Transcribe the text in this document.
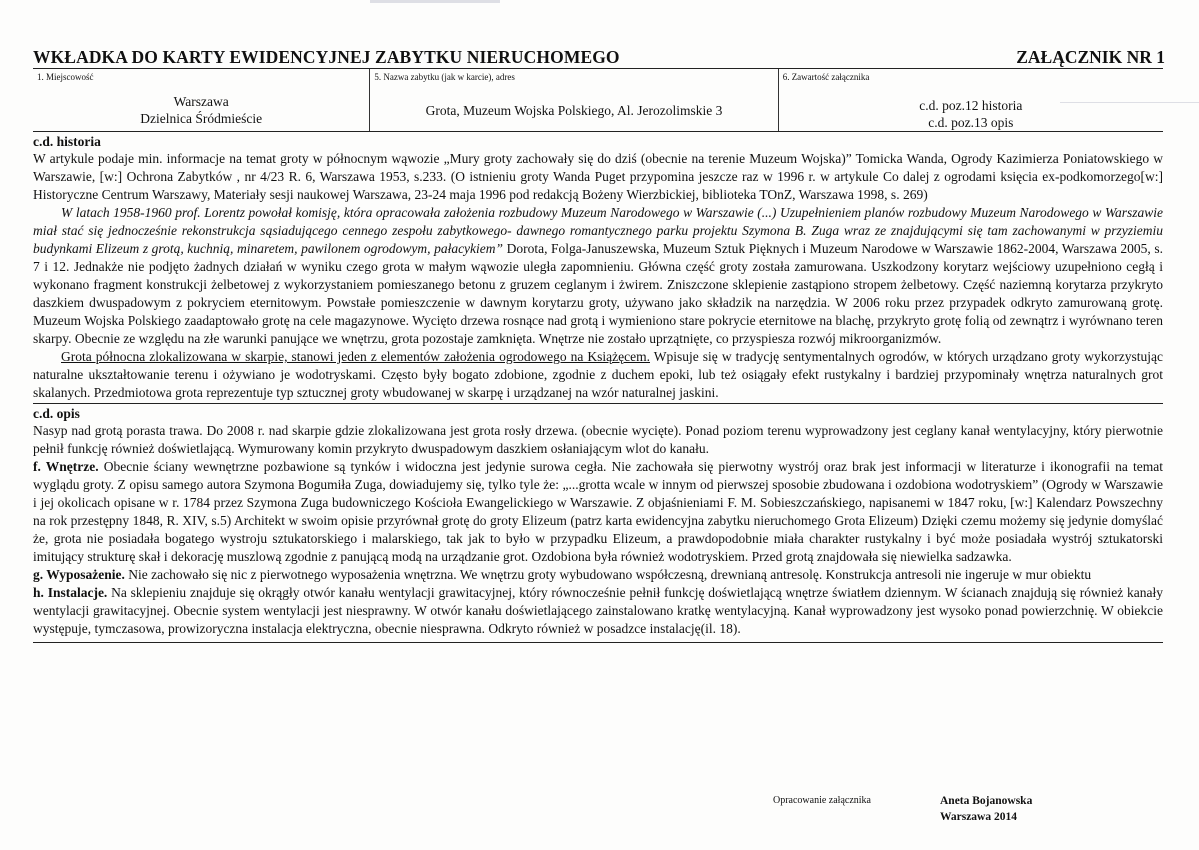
WKŁADKA DO KARTY EWIDENCYJNEJ ZABYTKU NIERUCHOMEGO	ZAŁĄCZNIK NR 1
1. Miejscowość
Warszawa
Dzielnica Śródmieście
5. Nazwa zabytku (jak w karcie), adres
Grota, Muzeum Wojska Polskiego, Al. Jerozolimskie 3
6. Zawartość załącznika
c.d. poz.12 historia
c.d. poz.13 opis
c.d. historia

W artykule podaje min. informacje na temat groty w północnym wąwozie „Mury groty zachowały się do dziś (obecnie na terenie Muzeum Wojska)” Tomicka Wanda, Ogrody Kazimierza Poniatowskiego w Warszawie, [w:] Ochrona Zabytków , nr 4/23 R. 6, Warszawa 1953, s.233. (O istnieniu groty Wanda Puget przypomina jeszcze raz w 1996 r. w artykule Co dalej z ogrodami księcia ex-podkomorzego[w:] Historyczne Centrum Warszawy, Materiały sesji naukowej Warszawa, 23-24 maja 1996 pod redakcją Bożeny Wierzbickiej, biblioteka TOnZ, Warszawa 1998, s. 269)

W latach 1958-1960 prof. Lorentz powołał komisję, która opracowała założenia rozbudowy Muzeum Narodowego w Warszawie (...) Uzupełnieniem planów rozbudowy Muzeum Narodowego w Warszawie miał stać się jednocześnie rekonstrukcja sąsiadującego cennego zespołu zabytkowego- dawnego romantycznego parku projektu Szymona B. Zuga wraz ze znajdującymi się tam zachowanymi w przyziemiu budynkami Elizeum z grotą, kuchnią, minaretem, pawilonem ogrodowym, pałacykiem” Dorota, Folga-Januszewska, Muzeum Sztuk Pięknych i Muzeum Narodowe w Warszawie 1862-2004, Warszawa 2005, s. 7 i 12. Jednakże nie podjęto żadnych działań w wyniku czego grota w małym wąwozie uległa zapomnieniu. Główna część groty została zamurowana. Uszkodzony korytarz wejściowy uzupełniono cegłą i wykonano fragment konstrukcji żelbetowej z wykorzystaniem pomieszanego betonu z gruzem ceglanym i żwirem. Zniszczone sklepienie zastąpiono stropem żelbetowy. Część naziemną korytarza przykryto daszkiem dwuspadowym z pokryciem eternitowym. Powstałe pomieszczenie w dawnym korytarzu groty, używano jako składzik na narzędzia. W 2006 roku przez przypadek odkryto zamurowaną grotę. Muzeum Wojska Polskiego zaadaptowało grotę na cele magazynowe. Wycięto drzewa rosnące nad grotą i wymieniono stare pokrycie eternitowe na blachę, przykryto grotę folią od zewnątrz i wyrównano teren skarpy. Obecnie ze względu na złe warunki panujące we wnętrzu, grota pozostaje zamknięta. Wnętrze nie zostało uprzątnięte, co przyspiesza rozwój mikroorganizmów.

Grota północna zlokalizowana w skarpie, stanowi jeden z elementów założenia ogrodowego na Książęcem. Wpisuje się w tradycję sentymentalnych ogrodów, w których urządzano groty wykorzystując naturalne ukształtowanie terenu i ożywiano je wodotryskami. Często były bogato zdobione, zgodnie z duchem epoki, lub też osiągały efekt rustykalny i bardziej przypominały wnętrza naturalnych grot skalanych. Przedmiotowa grota reprezentuje typ sztucznej groty wbudowanej w skarpę i urządzanej na wzór naturalnej jaskini.

c.d. opis

Nasyp nad grotą porasta trawa. Do 2008 r. nad skarpie gdzie zlokalizowana jest grota rosły drzewa. (obecnie wycięte). Ponad poziom terenu wyprowadzony jest ceglany kanał wentylacyjny, który pierwotnie pełnił funkcję również doświetlającą. Wymurowany komin przykryto dwuspadowym daszkiem osłaniającym wlot do kanału.

f. Wnętrze. Obecnie ściany wewnętrzne pozbawione są tynków i widoczna jest jedynie surowa cegła. Nie zachowała się pierwotny wystrój oraz brak jest informacji w literaturze i ikonografii na temat wyglądu groty. Z opisu samego autora Szymona Bogumiła Zuga, dowiadujemy się, tylko tyle że: „...grotta wcale w innym od pierwszej sposobie zbudowana i ozdobiona wodotryskiem” (Ogrody w Warszawie i jej okolicach opisane w r. 1784 przez Szymona Zuga budowniczego Kościoła Ewangelickiego w Warszawie. Z objaśnieniami F. M. Sobieszczańskiego, napisanemi w 1847 roku, [w:] Kalendarz Powszechny na rok przestępny 1848, R. XIV, s.5) Architekt w swoim opisie przyrównał grotę do groty Elizeum (patrz karta ewidencyjna zabytku nieruchomego Grota Elizeum) Dzięki czemu możemy się jedynie domyślać że, grota nie posiadała bogatego wystroju sztukatorskiego i malarskiego, tak jak to było w przypadku Elizeum, a prawdopodobnie miała charakter rustykalny i być może posiadała wystrój sztukatorski imitujący strukturę skał i dekorację muszlową zgodnie z panującą modą na urządzanie grot. Ozdobiona była również wodotryskiem. Przed grotą znajdowała się niewielka sadzawka.

g. Wyposażenie. Nie zachowało się nic z pierwotnego wyposażenia wnętrzna. We wnętrzu groty wybudowano współczesną, drewnianą antresolę. Konstrukcja antresoli nie ingeruje w mur obiektu

h. Instalacje. Na sklepieniu znajduje się okrągły otwór kanału wentylacji grawitacyjnej, który równocześnie pełnił funkcję doświetlającą wnętrze światłem dziennym. W ścianach znajdują się również kanały wentylacji grawitacyjnej. Obecnie system wentylacji jest niesprawny. W otwór kanału doświetlającego zainstalowano kratkę wentylacyjną. Kanał wyprowadzony jest wysoko ponad powierzchnię. W obiekcie występuje, tymczasowa, prowizoryczna instalacja elektryczna, obecnie niesprawna. Odkryto również w posadzce instalację(il. 18).

Opracowanie załącznika	Aneta Bojanowska
Warszawa 2014
